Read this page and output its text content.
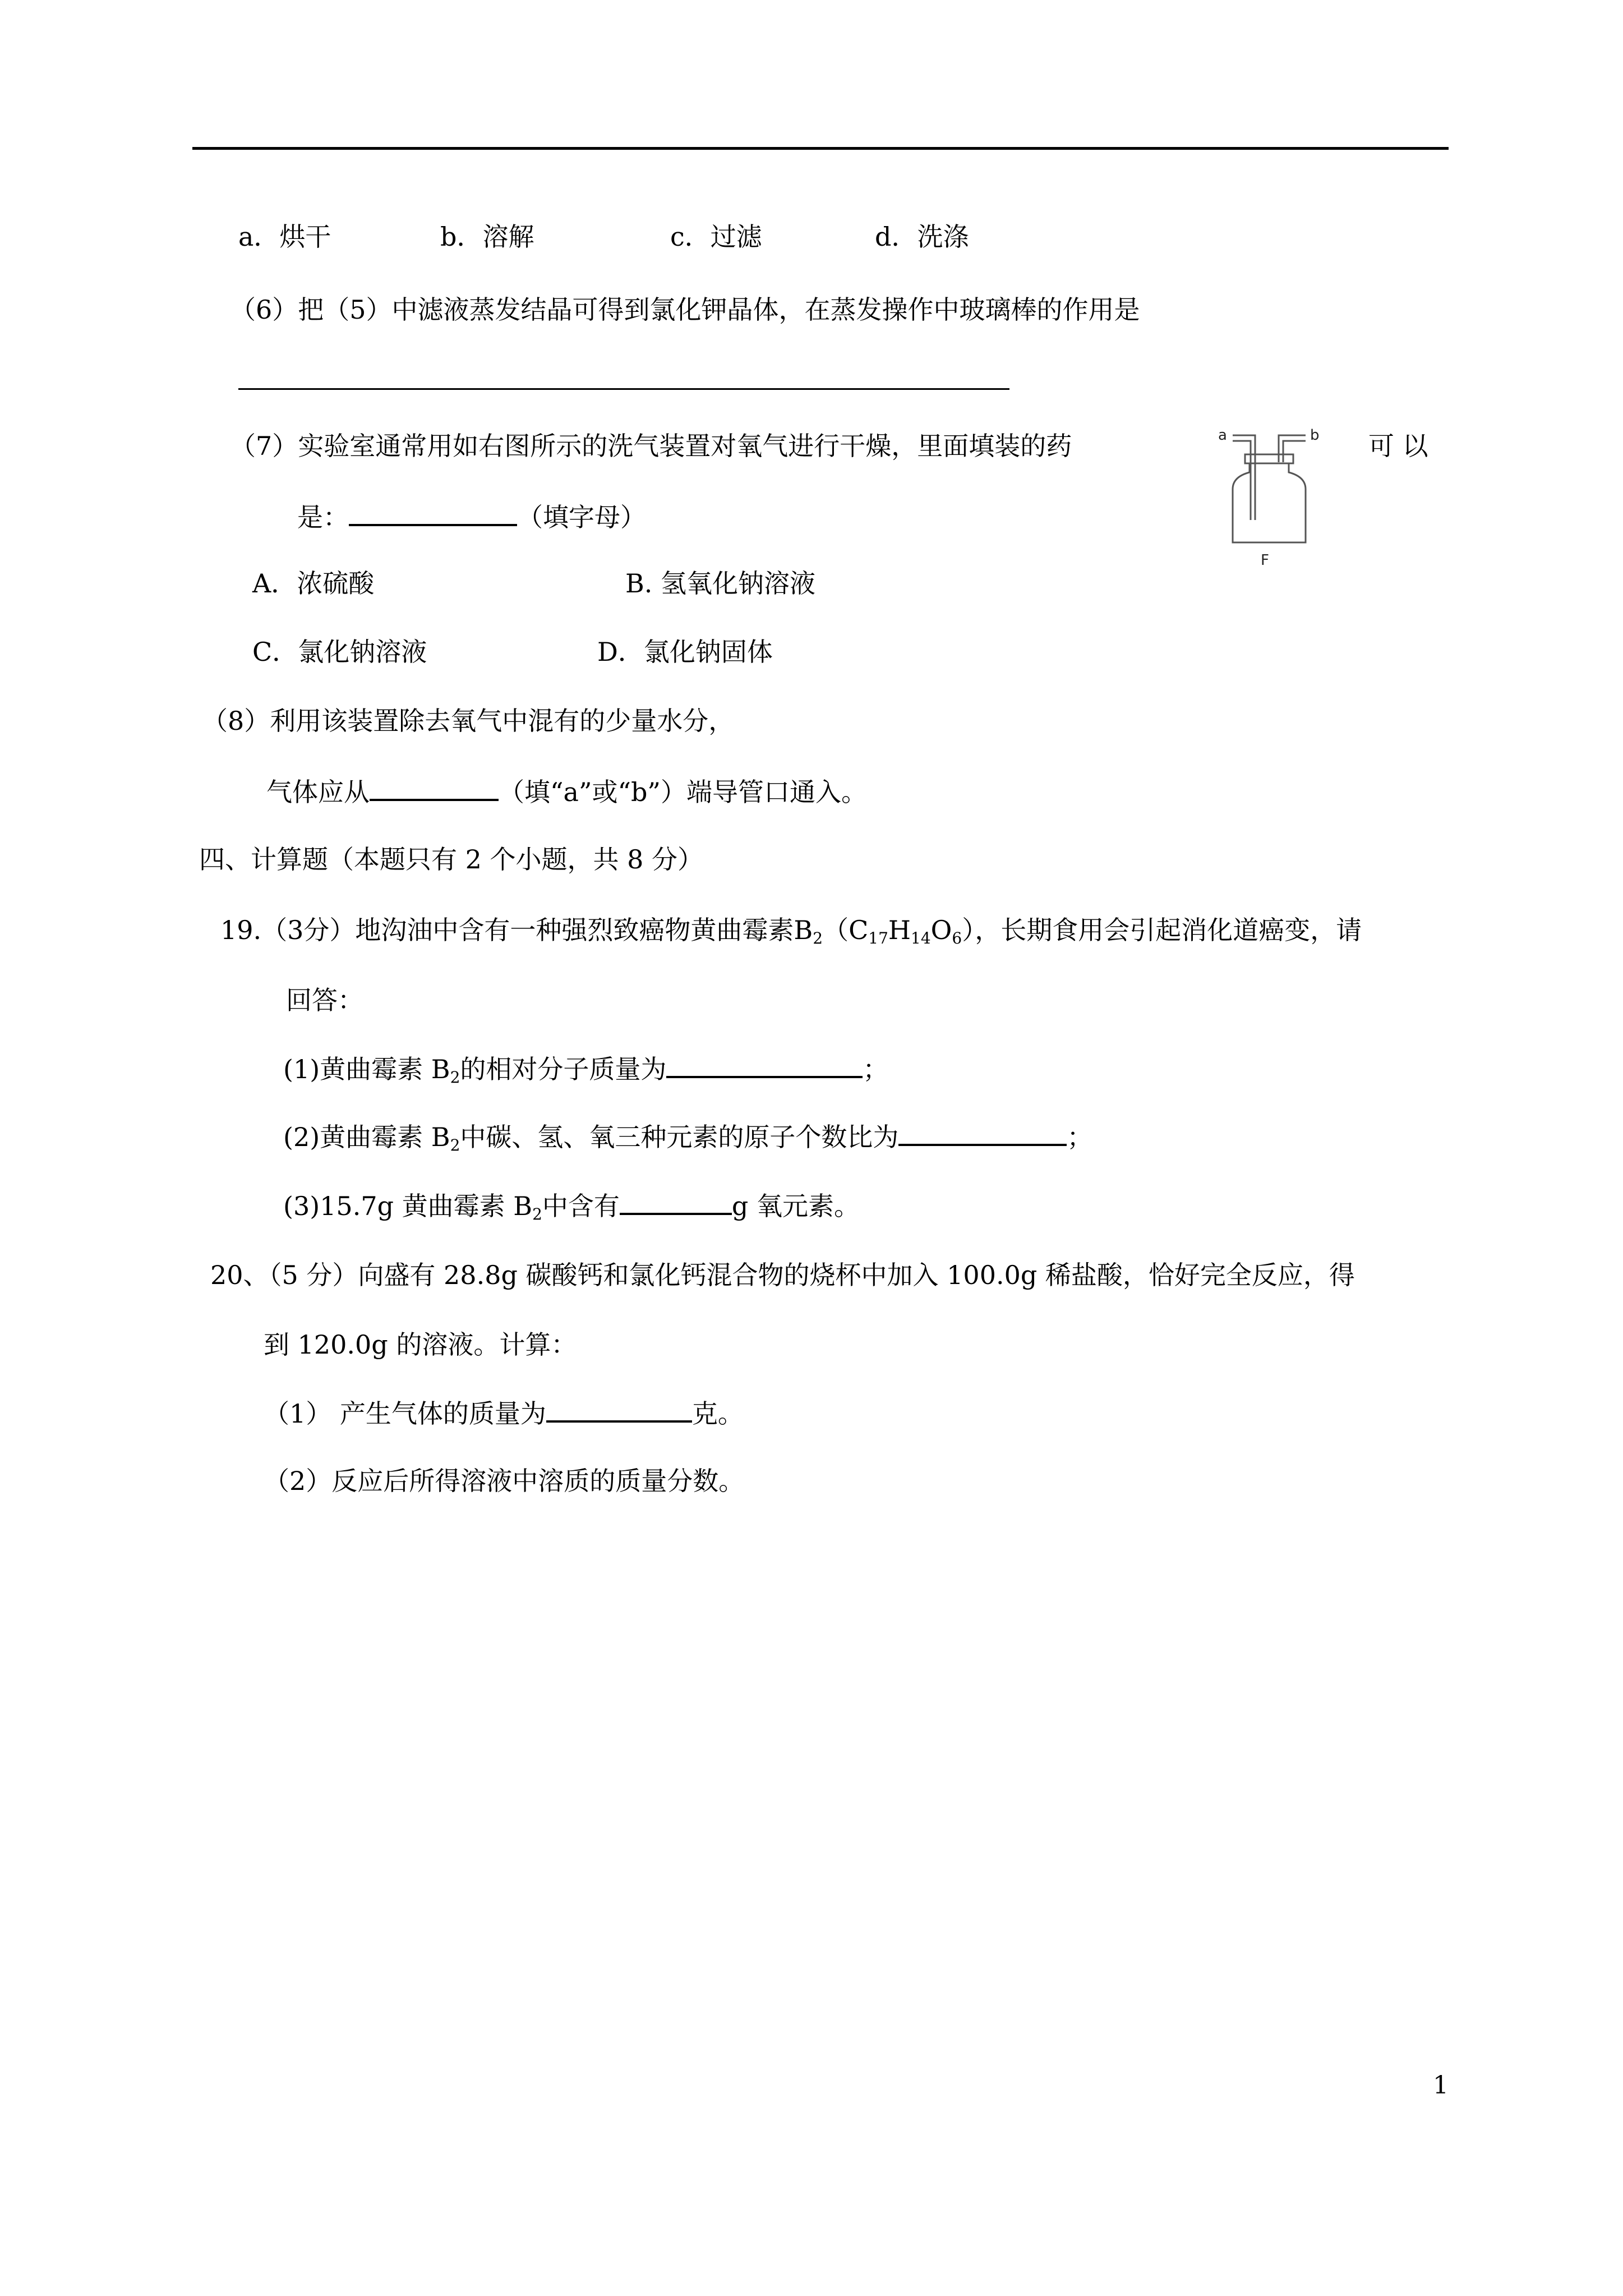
a．烘干	b．溶解	c．过滤	d．洗涤
（6）把（5）中滤液蒸发结晶可得到氯化钾晶体，在蒸发操作中玻璃棒的作用是
（7）实验室通常用如右图所示的洗气装置对氧气进行干燥，里面填装的药	可 以
是：	（填字母）
A．浓硫酸	B. 氢氧化钠溶液
C．氯化钠溶液	D．氯化钠固体
a	b
F
（8）利用该装置除去氧气中混有的少量水分，
气体应从	（填“a”或“b”）端导管口通入。
四、计算题（本题只有 2 个小题，共 8 分）
19.（3分）地沟油中含有一种强烈致癌物黄曲霉素$B_2(C_{17}H_{14}O_6)$，长期食用会引起消化道癌变，请
回答：
(1)黄曲霉素 $B_2$的相对分子质量为	；
(2)黄曲霉素 $B_2$中碳、氢、氧三种元素的原子个数比为	；
(3)15.7g 黄曲霉素 $B_2$中含有	g 氧元素。
20、（5 分）向盛有 28.8g 碳酸钙和氯化钙混合物的烧杯中加入 100.0g 稀盐酸，恰好完全反应，得
到 120.0g 的溶液。计算：
（1） 产生气体的质量为	克。
（2）反应后所得溶液中溶质的质量分数。
1
